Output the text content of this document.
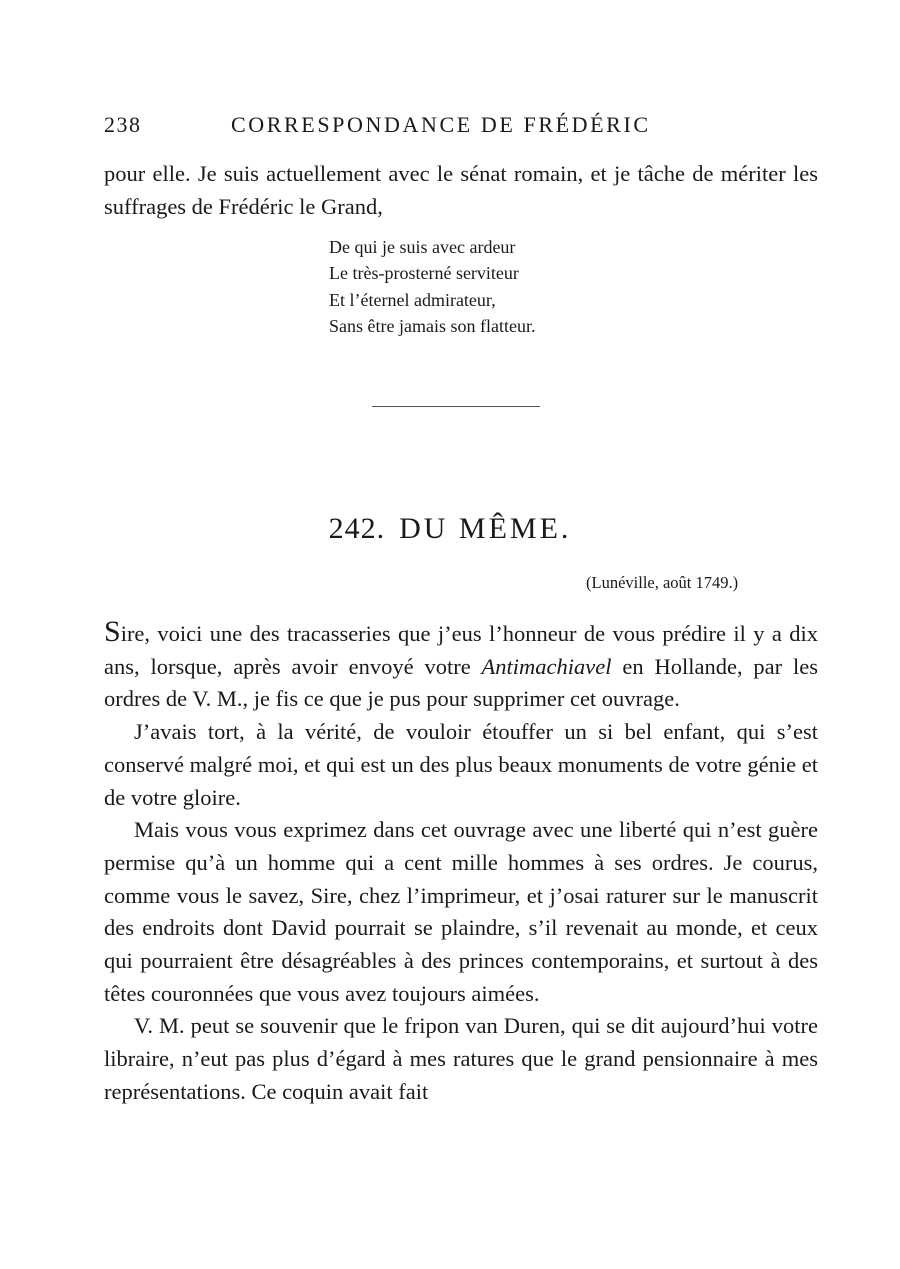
238	CORRESPONDANCE DE FRÉDÉRIC

pour elle. Je suis actuellement avec le sénat romain, et je tâche de mériter les suffrages de Frédéric le Grand,

De qui je suis avec ardeur
Le très-prosterné serviteur
Et l’éternel admirateur,
Sans être jamais son flatteur.
242. DU MÊME.
(Lunéville, août 1749.)

Sire, voici une des tracasseries que j’eus l’honneur de vous prédire il y a dix ans, lorsque, après avoir envoyé votre Antimachiavel en Hollande, par les ordres de V. M., je fis ce que je pus pour supprimer cet ouvrage.

J’avais tort, à la vérité, de vouloir étouffer un si bel enfant, qui s’est conservé malgré moi, et qui est un des plus beaux monuments de votre génie et de votre gloire.

Mais vous vous exprimez dans cet ouvrage avec une liberté qui n’est guère permise qu’à un homme qui a cent mille hommes à ses ordres. Je courus, comme vous le savez, Sire, chez l’imprimeur, et j’osai raturer sur le manuscrit des endroits dont David pourrait se plaindre, s’il revenait au monde, et ceux qui pourraient être désagréables à des princes contemporains, et surtout à des têtes couronnées que vous avez toujours aimées.

V. M. peut se souvenir que le fripon van Duren, qui se dit aujourd’hui votre libraire, n’eut pas plus d’égard à mes ratures que le grand pensionnaire à mes représentations. Ce coquin avait fait
